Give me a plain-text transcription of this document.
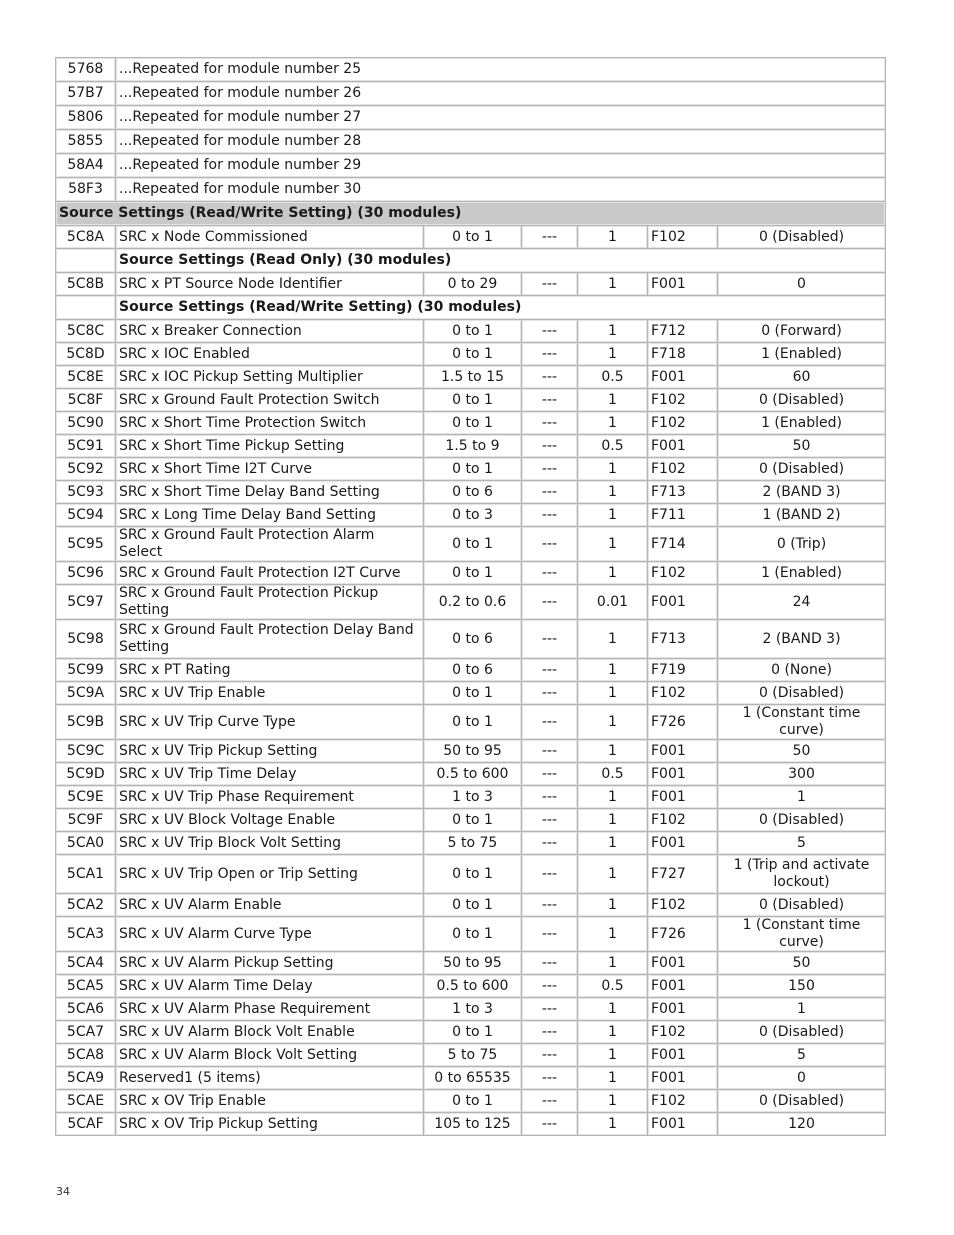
5768	...Repeated for module number 25					
57B7	...Repeated for module number 26					
5806	...Repeated for module number 27					
5855	...Repeated for module number 28					
58A4	...Repeated for module number 29					
58F3	...Repeated for module number 30					
Source Settings (Read/Write Setting) (30 modules)						
5C8A	SRC x Node Commissioned	0 to 1	---	1	F102	0 (Disabled)
	Source Settings (Read Only) (30 modules)					
5C8B	SRC x PT Source Node Identifier	0 to 29	---	1	F001	0
	Source Settings (Read/Write Setting) (30 modules)					
5C8C	SRC x Breaker Connection	0 to 1	---	1	F712	0 (Forward)
5C8D	SRC x IOC Enabled	0 to 1	---	1	F718	1 (Enabled)
5C8E	SRC x IOC Pickup Setting Multiplier	1.5 to 15	---	0.5	F001	60
5C8F	SRC x Ground Fault Protection Switch	0 to 1	---	1	F102	0 (Disabled)
5C90	SRC x Short Time Protection Switch	0 to 1	---	1	F102	1 (Enabled)
5C91	SRC x Short Time Pickup Setting	1.5 to 9	---	0.5	F001	50
5C92	SRC x Short Time I2T Curve	0 to 1	---	1	F102	0 (Disabled)
5C93	SRC x Short Time Delay Band Setting	0 to 6	---	1	F713	2 (BAND 3)
5C94	SRC x Long Time Delay Band Setting	0 to 3	---	1	F711	1 (BAND 2)
5C95	SRC x Ground Fault Protection Alarm Select	0 to 1	---	1	F714	0 (Trip)
5C96	SRC x Ground Fault Protection I2T Curve	0 to 1	---	1	F102	1 (Enabled)
5C97	SRC x Ground Fault Protection Pickup Setting	0.2 to 0.6	---	0.01	F001	24
5C98	SRC x Ground Fault Protection Delay Band Setting	0 to 6	---	1	F713	2 (BAND 3)
5C99	SRC x PT Rating	0 to 6	---	1	F719	0 (None)
5C9A	SRC x UV Trip Enable	0 to 1	---	1	F102	0 (Disabled)
5C9B	SRC x UV Trip Curve Type	0 to 1	---	1	F726	1 (Constant time curve)
5C9C	SRC x UV Trip Pickup Setting	50 to 95	---	1	F001	50
5C9D	SRC x UV Trip Time Delay	0.5 to 600	---	0.5	F001	300
5C9E	SRC x UV Trip Phase Requirement	1 to 3	---	1	F001	1
5C9F	SRC x UV Block Voltage Enable	0 to 1	---	1	F102	0 (Disabled)
5CA0	SRC x UV Trip Block Volt Setting	5 to 75	---	1	F001	5
5CA1	SRC x UV Trip Open or Trip Setting	0 to 1	---	1	F727	1 (Trip and activate lockout)
5CA2	SRC x UV Alarm Enable	0 to 1	---	1	F102	0 (Disabled)
5CA3	SRC x UV Alarm Curve Type	0 to 1	---	1	F726	1 (Constant time curve)
5CA4	SRC x UV Alarm Pickup Setting	50 to 95	---	1	F001	50
5CA5	SRC x UV Alarm Time Delay	0.5 to 600	---	0.5	F001	150
5CA6	SRC x UV Alarm Phase Requirement	1 to 3	---	1	F001	1
5CA7	SRC x UV Alarm Block Volt Enable	0 to 1	---	1	F102	0 (Disabled)
5CA8	SRC x UV Alarm Block Volt Setting	5 to 75	---	1	F001	5
5CA9	Reserved1 (5 items)	0 to 65535	---	1	F001	0
5CAE	SRC x OV Trip Enable	0 to 1	---	1	F102	0 (Disabled)
5CAF	SRC x OV Trip Pickup Setting	105 to 125	---	1	F001	120
34
